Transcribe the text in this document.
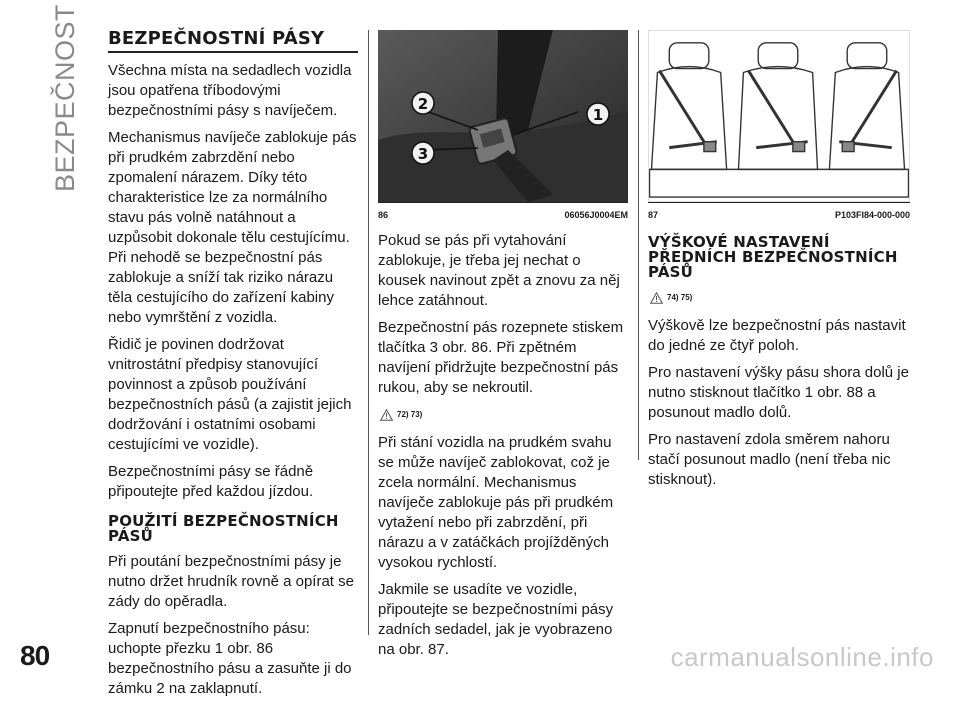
BEZPEČNOST BEZPEČNOSTNÍ PÁSY

Všechna místa na sedadlech vozidla jsou opatřena tříbodovými bezpečnostními pásy s navíječem.

Mechanismus navíječe zablokuje pás při prudkém zabrzdění nebo zpomalení nárazem. Díky této charakteristice lze za normálního stavu pás volně natáhnout a uzpůsobit dokonale tělu cestujícímu. Při nehodě se bezpečnostní pás zablokuje a sníží tak riziko nárazu těla cestujícího do zařízení kabiny nebo vymrštění z vozidla.

Řidič je povinen dodržovat vnitrostátní předpisy stanovující povinnost a způsob používání bezpečnostních pásů (a zajistit jejich dodržování i ostatními osobami cestujícími ve vozidle).

Bezpečnostními pásy se řádně připoutejte před každou jízdou.

POUŽITÍ BEZPEČNOSTNÍCH PÁSŮ

Při poutání bezpečnostními pásy je nutno držet hrudník rovně a opírat se zády do opěradla.

Zapnutí bezpečnostního pásu: uchopte přezku 1 obr. 86 bezpečnostního pásu a zasuňte ji do zámku 2 na zaklapnutí.

2
1
3
86	06056J0004EM

Pokud se pás při vytahování zablokuje, je třeba jej nechat o kousek navinout zpět a znovu za něj lehce zatáhnout.

Bezpečnostní pás rozepnete stiskem tlačítka 3 obr. 86. Při zpětném navíjení přidržujte bezpečnostní pás rukou, aby se nekroutil.

72) 73)

Při stání vozidla na prudkém svahu se může navíječ zablokovat, což je zcela normální. Mechanismus navíječe zablokuje pás při prudkém vytažení nebo při zabrzdění, při nárazu a v zatáčkách projížděných vysokou rychlostí.

Jakmile se usadíte ve vozidle, připoutejte se bezpečnostními pásy zadních sedadel, jak je vyobrazeno na obr. 87.

87	P103FI84-000-000
VÝŠKOVÉ NASTAVENÍ PŘEDNÍCH BEZPEČNOSTNÍCH PÁSŮ
74) 75)

Výškově lze bezpečnostní pás nastavit do jedné ze čtyř poloh.

Pro nastavení výšky pásu shora dolů je nutno stisknout tlačítko 1 obr. 88 a posunout madlo dolů.

Pro nastavení zdola směrem nahoru stačí posunout madlo (není třeba nic stisknout).

80	carmanualsonline.info
